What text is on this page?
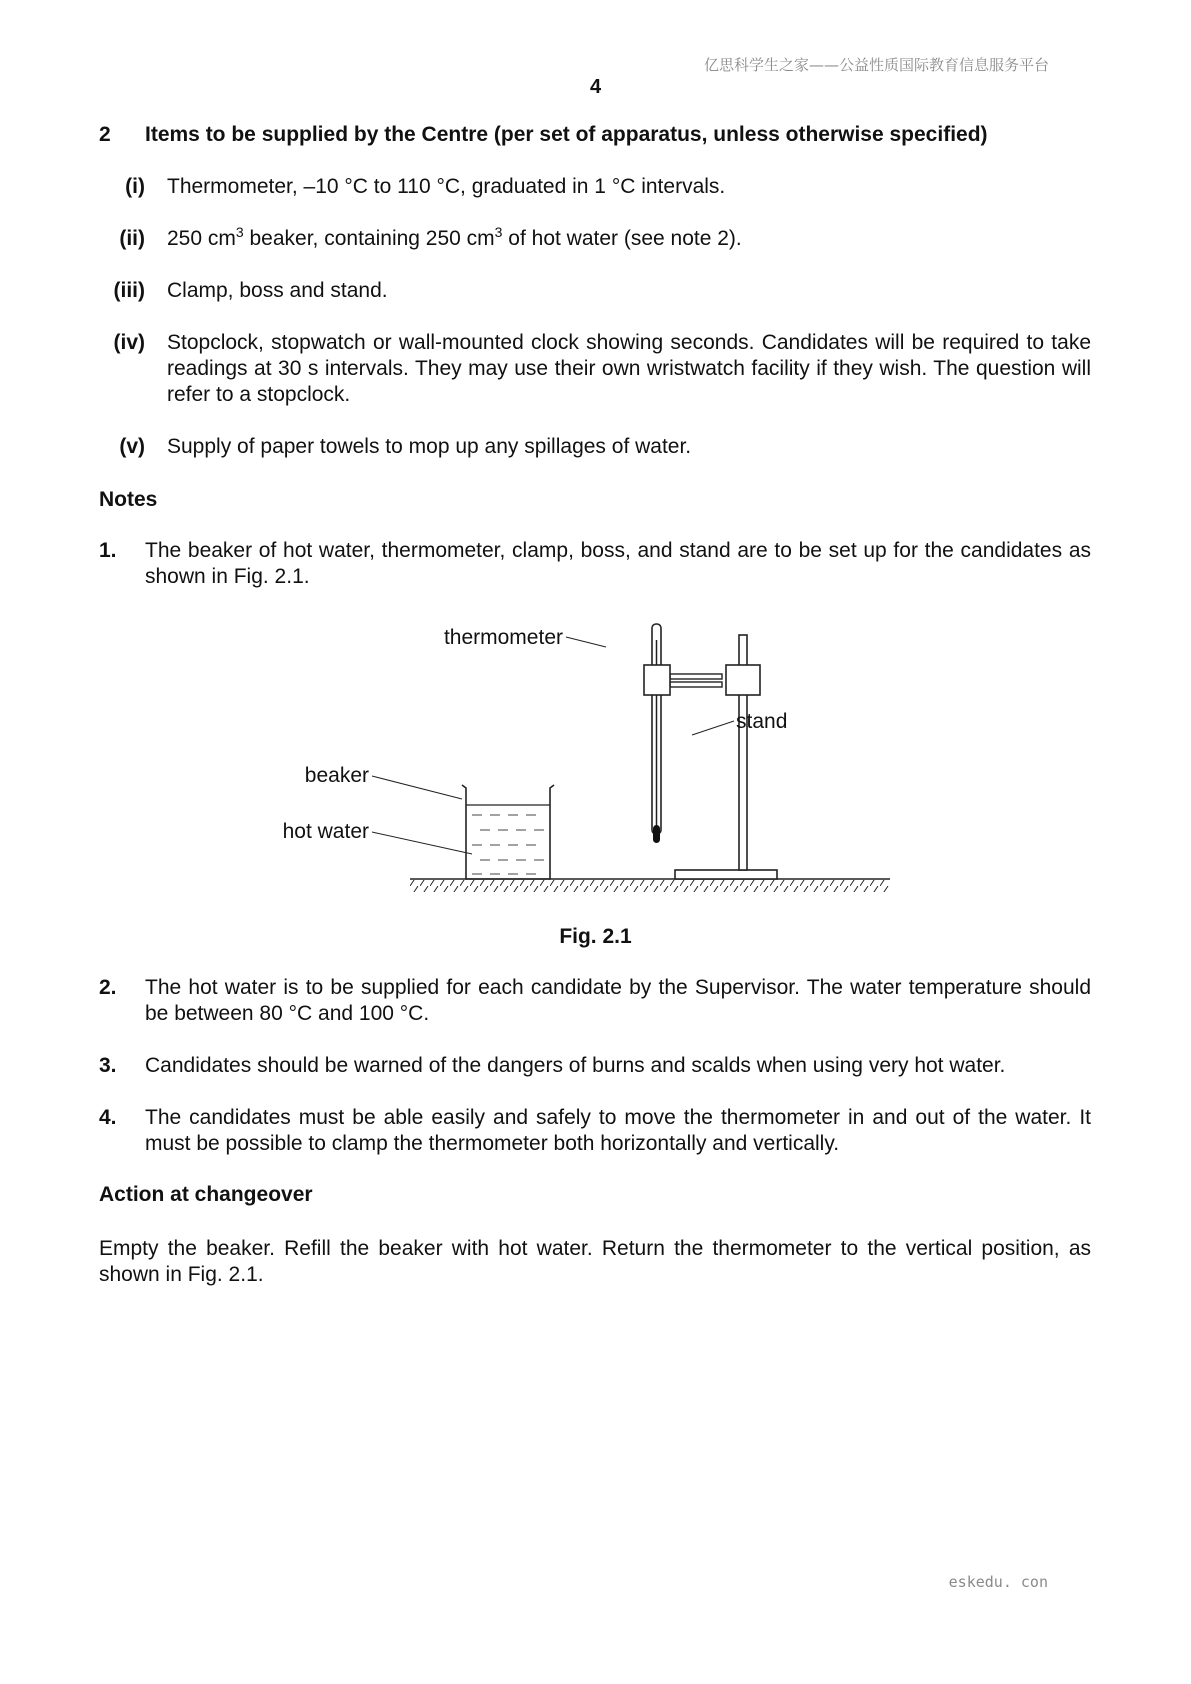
亿思科学生之家——公益性质国际教育信息服务平台
4
2 Items to be supplied by the Centre (per set of apparatus, unless otherwise specified)
(i) Thermometer, –10 °C to 110 °C, graduated in 1 °C intervals.
(ii) 250 $cm^3$ beaker, containing 250 $cm^3$ of hot water (see note 2).
(iii) Clamp, boss and stand.
(iv) Stopclock, stopwatch or wall-mounted clock showing seconds. Candidates will be required to take readings at 30 s intervals. They may use their own wristwatch facility if they wish. The question will refer to a stopclock.
(v) Supply of paper towels to mop up any spillages of water.
Notes
1. The beaker of hot water, thermometer, clamp, boss, and stand are to be set up for the candidates as shown in Fig. 2.1.
thermometer
stand
beaker
hot water
Fig. 2.1
2. The hot water is to be supplied for each candidate by the Supervisor. The water temperature should be between 80 °C and 100 °C.
3. Candidates should be warned of the dangers of burns and scalds when using very hot water.
4. The candidates must be able easily and safely to move the thermometer in and out of the water. It must be possible to clamp the thermometer both horizontally and vertically.
Action at changeover
Empty the beaker. Refill the beaker with hot water. Return the thermometer to the vertical position, as shown in Fig. 2.1.
eskedu. con
